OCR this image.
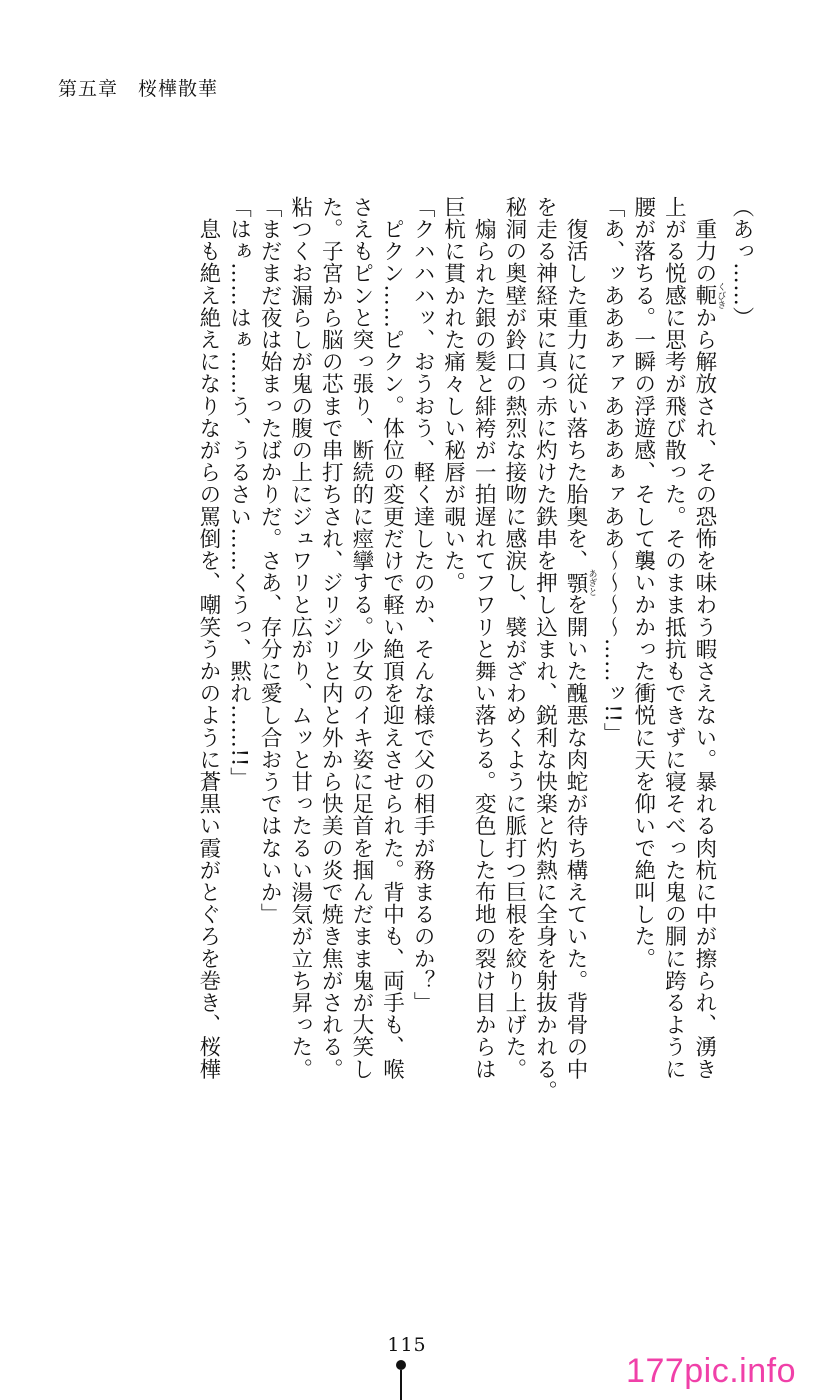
第五章　桜樺散華
（あっ……）
　重力の軛くびきから解放され、その恐怖を味わう暇さえない。暴れる肉杭に中が擦られ、湧き
上がる悦感に思考が飛び散った。そのまま抵抗もできずに寝そべった鬼の胴に跨るように
腰が落ちる。一瞬の浮遊感、そして襲いかかった衝悦に天を仰いで絶叫した。
「あ、ッあああァァあああぁァああ～～～～……ッ!!」
　復活した重力に従い落ちた胎奥を、顎あぎとを開いた醜悪な肉蛇が待ち構えていた。背骨の中
を走る神経束に真っ赤に灼けた鉄串を押し込まれ、鋭利な快楽と灼熱に全身を射抜かれる。
秘洞の奥壁が鈴口の熱烈な接吻に感涙し、襞がざわめくように脈打つ巨根を絞り上げた。
　煽られた銀の髪と緋袴が一拍遅れてフワリと舞い落ちる。変色した布地の裂け目からは
巨杭に貫かれた痛々しい秘唇が覗いた。
「クハハハッ、おうおう、軽く達したのか、そんな様で父の相手が務まるのか？」
　ピクン……ピクン。体位の変更だけで軽い絶頂を迎えさせられた。背中も、両手も、喉
さえもピンと突っ張り、断続的に痙攣する。少女のイキ姿に足首を掴んだまま鬼が大笑し
た。子宮から脳の芯まで串打ちされ、ジリジリと内と外から快美の炎で焼き焦がされる。
粘つくお漏らしが鬼の腹の上にジュワリと広がり、ムッと甘ったるい湯気が立ち昇った。
「まだまだ夜は始まったばかりだ。さあ、存分に愛し合おうではないか」
「はぁ……はぁ……う、うるさい……くうっ、黙れ……!!」
　息も絶え絶えになりながらの罵倒を、嘲笑うかのように蒼黒い霞がとぐろを巻き、桜樺
115
177pic.info
